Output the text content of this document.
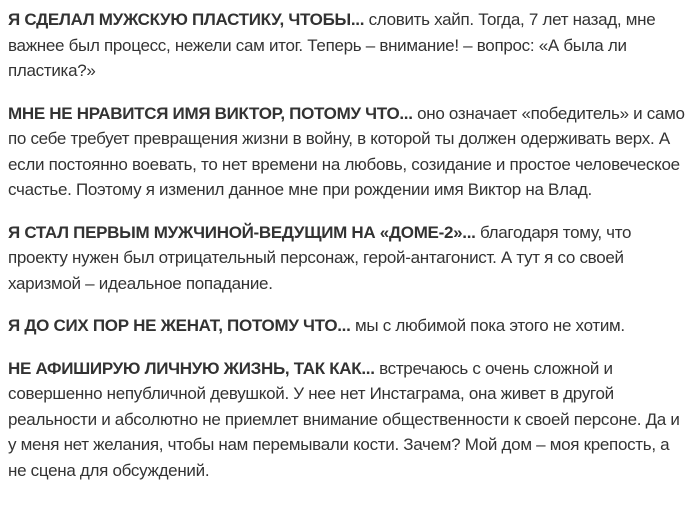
Я СДЕЛАЛ МУЖСКУЮ ПЛАСТИКУ, ЧТОБЫ... словить хайп. Тогда, 7 лет назад, мне важнее был процесс, нежели сам итог. Теперь – внимание! – вопрос: «А была ли пластика?»

МНЕ НЕ НРАВИТСЯ ИМЯ ВИКТОР, ПОТОМУ ЧТО... оно означает «победитель» и само по себе требует превращения жизни в войну, в которой ты должен одерживать верх. А если постоянно воевать, то нет времени на любовь, созидание и простое человеческое счастье. Поэтому я изменил данное мне при рождении имя Виктор на Влад.

Я СТАЛ ПЕРВЫМ МУЖЧИНОЙ-ВЕДУЩИМ НА «ДОМЕ-2»... благодаря тому, что проекту нужен был отрицательный персонаж, герой-антагонист. А тут я со своей харизмой – идеальное попадание.

Я ДО СИХ ПОР НЕ ЖЕНАТ, ПОТОМУ ЧТО... мы с любимой пока этого не хотим.

НЕ АФИШИРУЮ ЛИЧНУЮ ЖИЗНЬ, ТАК КАК... встречаюсь с очень сложной и совершенно непубличной девушкой. У нее нет Инстаграма, она живет в другой реальности и абсолютно не приемлет внимание общественности к своей персоне. Да и у меня нет желания, чтобы нам перемывали кости. Зачем? Мой дом – моя крепость, а не сцена для обсуждений.
